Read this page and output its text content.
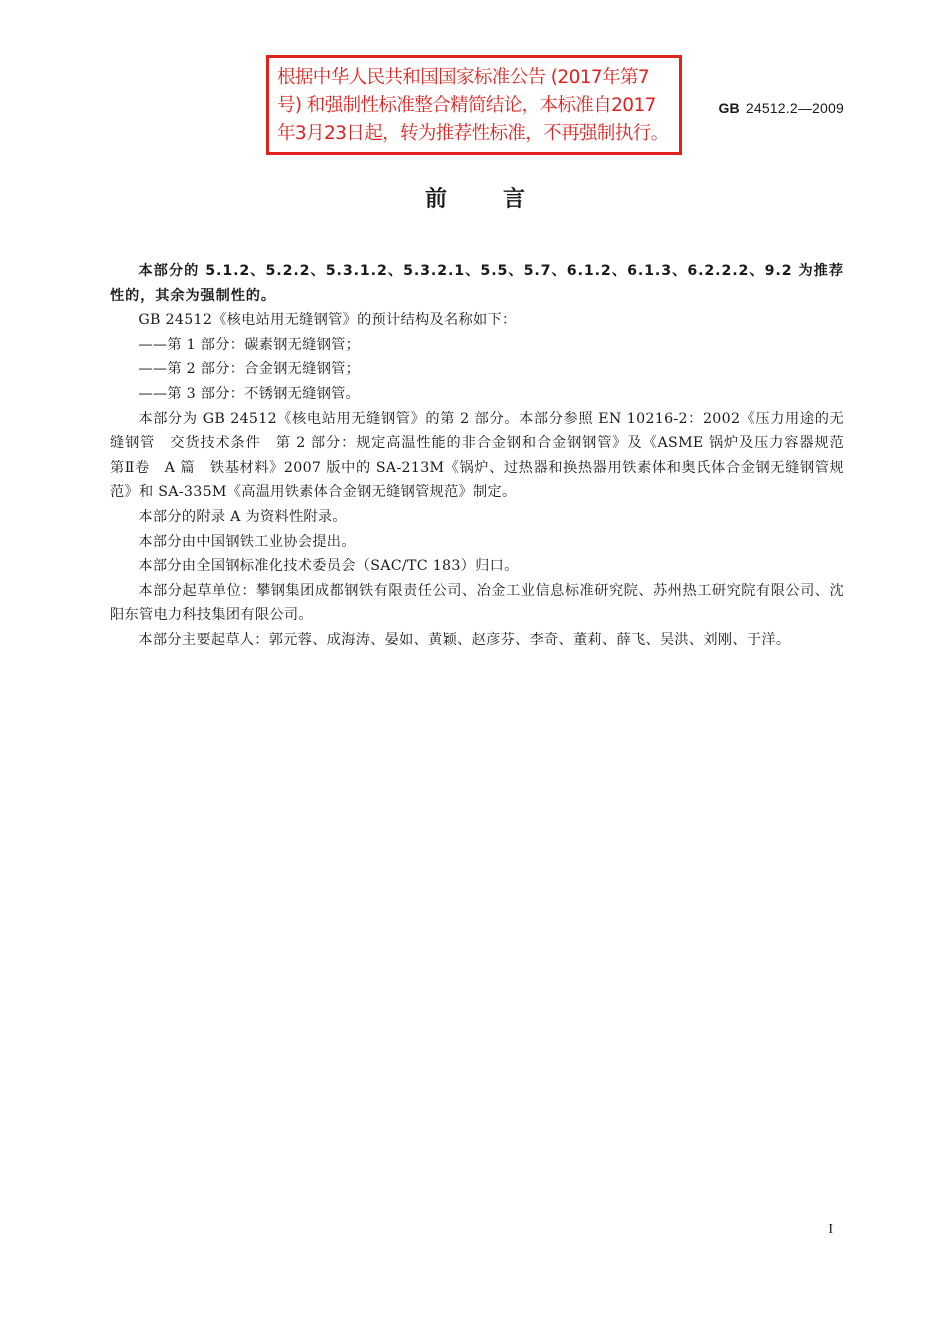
根据中华人民共和国国家标准公告 (2017年第7
号) 和强制性标准整合精简结论，本标准自2017
年3月23日起，转为推荐性标准，不再强制执行。
GB 24512.2—2009
前言

本部分的 5.1.2、5.2.2、5.3.1.2、5.3.2.1、5.5、5.7、6.1.2、6.1.3、6.2.2.2、9.2 为推荐性的，其余为强制性的。

GB 24512《核电站用无缝钢管》的预计结构及名称如下：

——第 1 部分：碳素钢无缝钢管；

——第 2 部分：合金钢无缝钢管；

——第 3 部分：不锈钢无缝钢管。

本部分为 GB 24512《核电站用无缝钢管》的第 2 部分。本部分参照 EN 10216-2：2002《压力用途的无缝钢管　交货技术条件　第 2 部分：规定高温性能的非合金钢和合金钢钢管》及《ASME 锅炉及压力容器规范　第Ⅱ卷　A 篇　铁基材料》2007 版中的 SA-213M《锅炉、过热器和换热器用铁素体和奥氏体合金钢无缝钢管规范》和 SA-335M《高温用铁素体合金钢无缝钢管规范》制定。

本部分的附录 A 为资料性附录。

本部分由中国钢铁工业协会提出。

本部分由全国钢标准化技术委员会（SAC/TC 183）归口。

本部分起草单位：攀钢集团成都钢铁有限责任公司、冶金工业信息标准研究院、苏州热工研究院有限公司、沈阳东管电力科技集团有限公司。

本部分主要起草人：郭元蓉、成海涛、晏如、黄颖、赵彦芬、李奇、董莉、薛飞、吴洪、刘刚、于洋。

I
